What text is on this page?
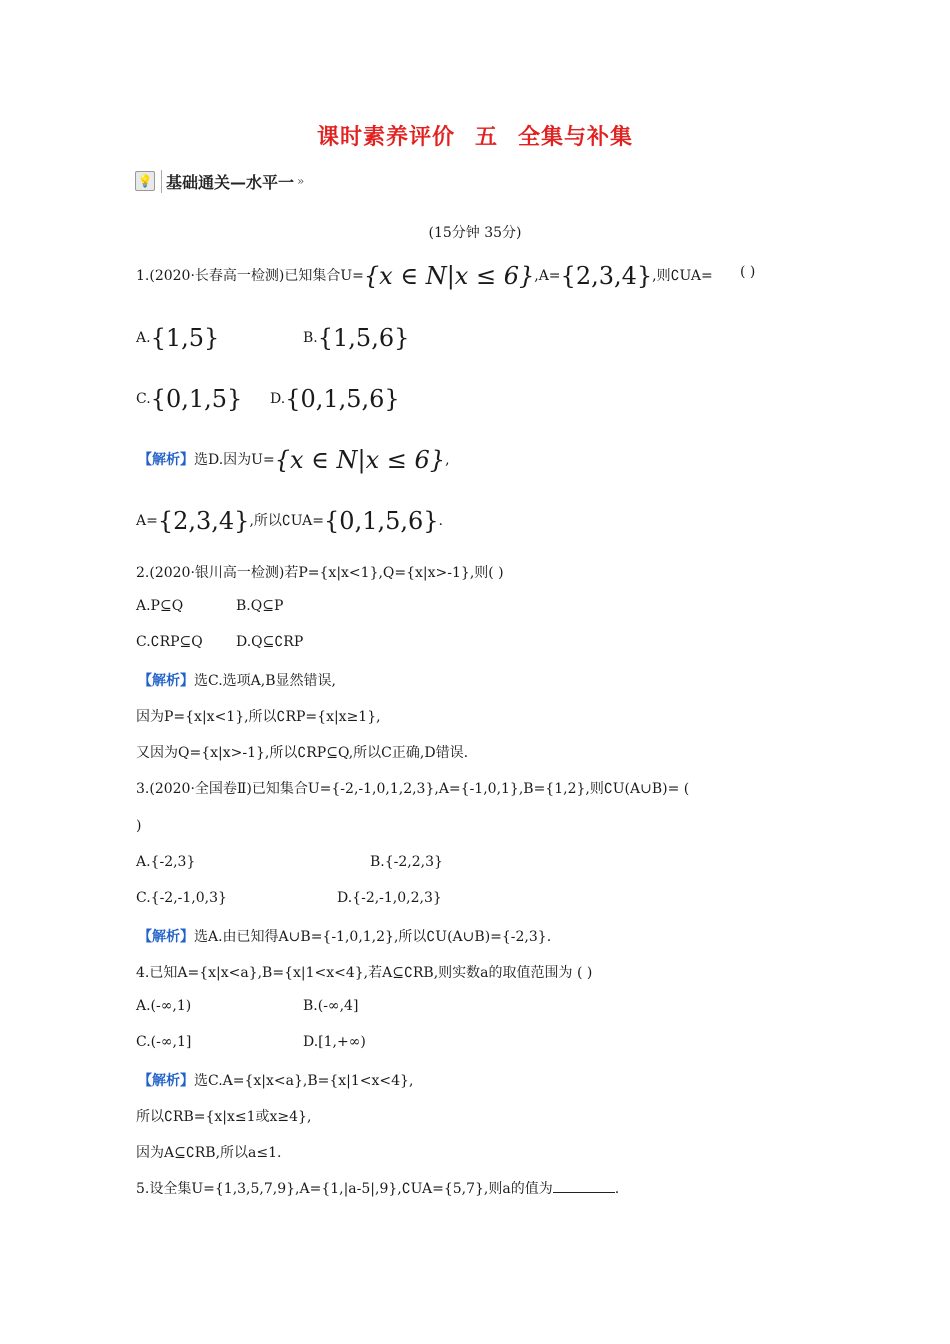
课时素养评价 五 全集与补集
💡 基础通关—水平一 »
(15分钟 35分)
1.(2020·长春高一检测)已知集合U={x ∈ N|x ≤ 6},A={2,3,4},则∁UA= ( )
A.{1,5}	B.{1,5,6}
C.{0,1,5} D.{0,1,5,6}
【解析】选D.因为U={x ∈ N|x ≤ 6},
A={2,3,4},所以∁UA={0,1,5,6}.
2.(2020·银川高一检测)若P={x|x<1},Q={x|x>-1},则( )
A.P⊆Q	B.Q⊆P
C.∁RP⊆Q D.Q⊆∁RP
【解析】选C.选项A,B显然错误,
因为P={x|x<1},所以∁RP={x|x≥1},
又因为Q={x|x>-1},所以∁RP⊆Q,所以C正确,D错误.
3.(2020·全国卷Ⅱ)已知集合U={-2,-1,0,1,2,3},A={-1,0,1},B={1,2},则∁U(A∪B)= (
)
A.{-2,3}	B.{-2,2,3}
C.{-2,-1,0,3}	D.{-2,-1,0,2,3}
【解析】选A.由已知得A∪B={-1,0,1,2},所以∁U(A∪B)={-2,3}.
4.已知A={x|x<a},B={x|1<x<4},若A⊆∁RB,则实数a的取值范围为 ( )
A.(-∞,1)	B.(-∞,4]
C.(-∞,1]	D.[1,+∞)
【解析】选C.A={x|x<a},B={x|1<x<4},
所以∁RB={x|x≤1或x≥4},
因为A⊆∁RB,所以a≤1.
5.设全集U={1,3,5,7,9},A={1,|a-5|,9},∁UA={5,7},则a的值为	.
